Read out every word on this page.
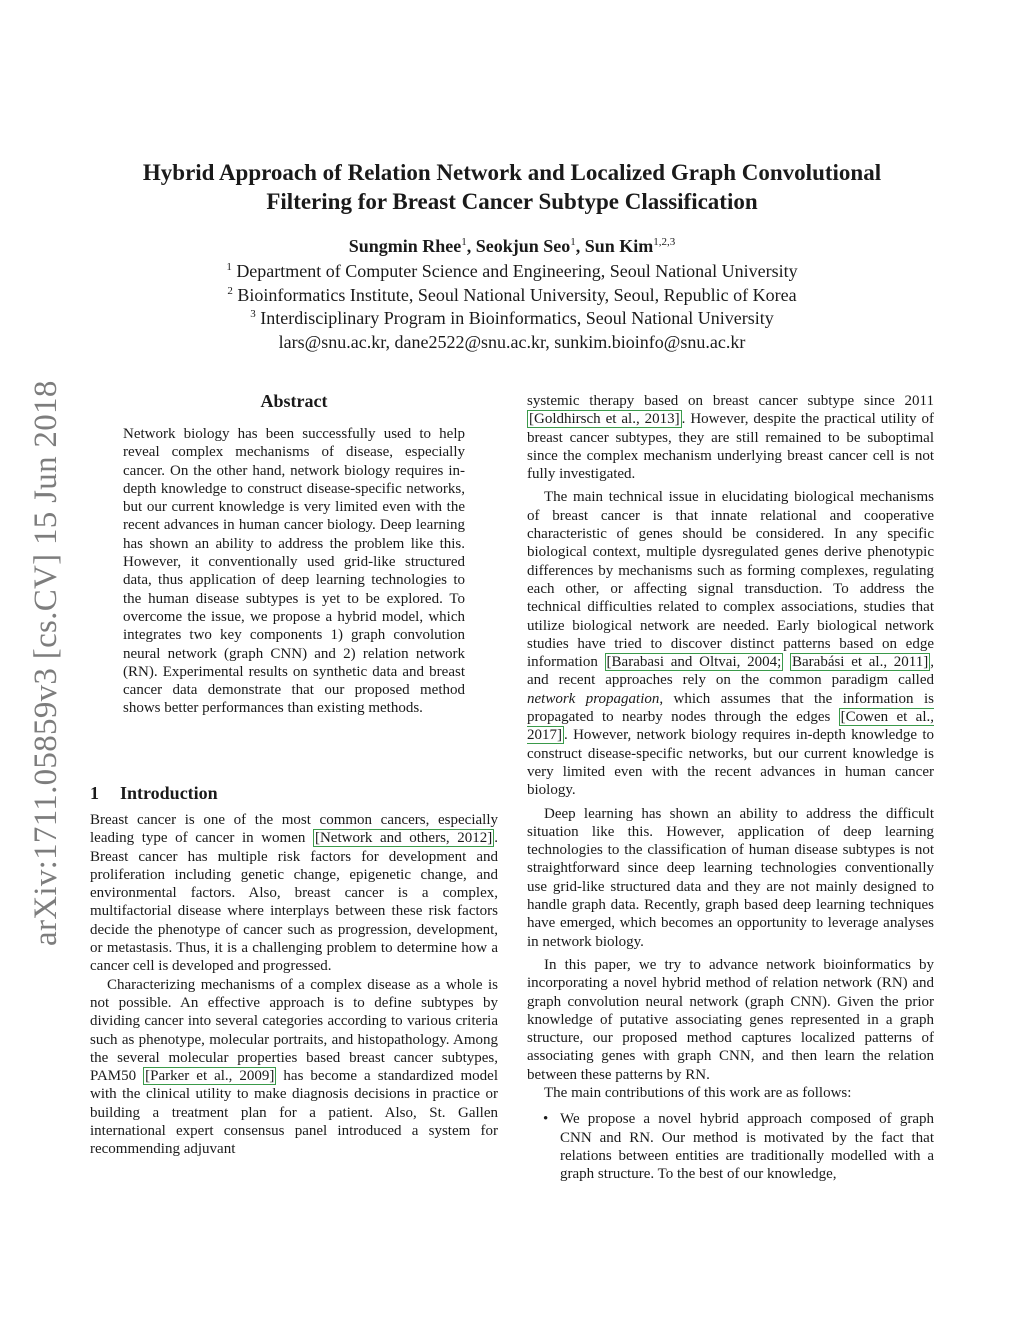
arXiv:1711.05859v3 [cs.CV] 15 Jun 2018
Hybrid Approach of Relation Network and Localized Graph Convolutional
Filtering for Breast Cancer Subtype Classification
Sungmin Rhee$^1$, Seokjun Seo$^1$, Sun Kim$^{1,2,3}$
$^1$ Department of Computer Science and Engineering, Seoul National University
$^2$ Bioinformatics Institute, Seoul National University, Seoul, Republic of Korea
$^3$ Interdisciplinary Program in Bioinformatics, Seoul National University
lars@snu.ac.kr, dane2522@snu.ac.kr, sunkim.bioinfo@snu.ac.kr
Abstract
Network biology has been successfully used to help reveal complex mechanisms of disease, especially cancer. On the other hand, network biology requires in-depth knowledge to construct disease-specific networks, but our current knowledge is very limited even with the recent advances in human cancer biology. Deep learning has shown an ability to address the problem like this. However, it conventionally used grid-like structured data, thus application of deep learning technologies to the human disease subtypes is yet to be explored. To overcome the issue, we propose a hybrid model, which integrates two key components 1) graph convolution neural network (graph CNN) and 2) relation network (RN). Experimental results on synthetic data and breast cancer data demonstrate that our proposed method shows better performances than existing methods.
1 Introduction

Breast cancer is one of the most common cancers, especially leading type of cancer in women [Network and others, 2012] . Breast cancer has multiple risk factors for development and proliferation including genetic change, epigenetic change, and environmental factors. Also, breast cancer is a complex, multifactorial disease where interplays between these risk factors decide the phenotype of cancer such as progression, development, or metastasis. Thus, it is a challenging problem to determine how a cancer cell is developed and progressed.

Characterizing mechanisms of a complex disease as a whole is not possible. An effective approach is to define subtypes by dividing cancer into several categories according to various criteria such as phenotype, molecular portraits, and histopathology. Among the several molecular properties based breast cancer subtypes, PAM50 [Parker et al., 2009] has become a standardized model with the clinical utility to make diagnosis decisions in practice or building a treatment plan for a patient. Also, St. Gallen international expert consensus panel introduced a system for recommending adjuvant

systemic therapy based on breast cancer subtype since 2011 [Goldhirsch et al., 2013] . However, despite the practical utility of breast cancer subtypes, they are still remained to be suboptimal since the complex mechanism underlying breast cancer cell is not fully investigated.

The main technical issue in elucidating biological mechanisms of breast cancer is that innate relational and cooperative characteristic of genes should be considered. In any specific biological context, multiple dysregulated genes derive phenotypic differences by mechanisms such as forming complexes, regulating each other, or affecting signal transduction. To address the technical difficulties related to complex associations, studies that utilize biological network are needed. Early biological network studies have tried to discover distinct patterns based on edge information [Barabasi and Oltvai, 2004; Barabási et al., 2011] , and recent approaches rely on the common paradigm called network propagation, which assumes that the information is propagated to nearby nodes through the edges [Cowen et al., 2017] . However, network biology requires in-depth knowledge to construct disease-specific networks, but our current knowledge is very limited even with the recent advances in human cancer biology.

Deep learning has shown an ability to address the difficult situation like this. However, application of deep learning technologies to the classification of human disease subtypes is not straightforward since deep learning technologies conventionally use grid-like structured data and they are not mainly designed to handle graph data. Recently, graph based deep learning techniques have emerged, which becomes an opportunity to leverage analyses in network biology.

In this paper, we try to advance network bioinformatics by incorporating a novel hybrid method of relation network (RN) and graph convolution neural network (graph CNN). Given the prior knowledge of putative associating genes represented in a graph structure, our proposed method captures localized patterns of associating genes with graph CNN, and then learn the relation between these patterns by RN.

The main contributions of this work are as follows:

• We propose a novel hybrid approach composed of graph CNN and RN. Our method is motivated by the fact that relations between entities are traditionally modelled with a graph structure. To the best of our knowledge,
